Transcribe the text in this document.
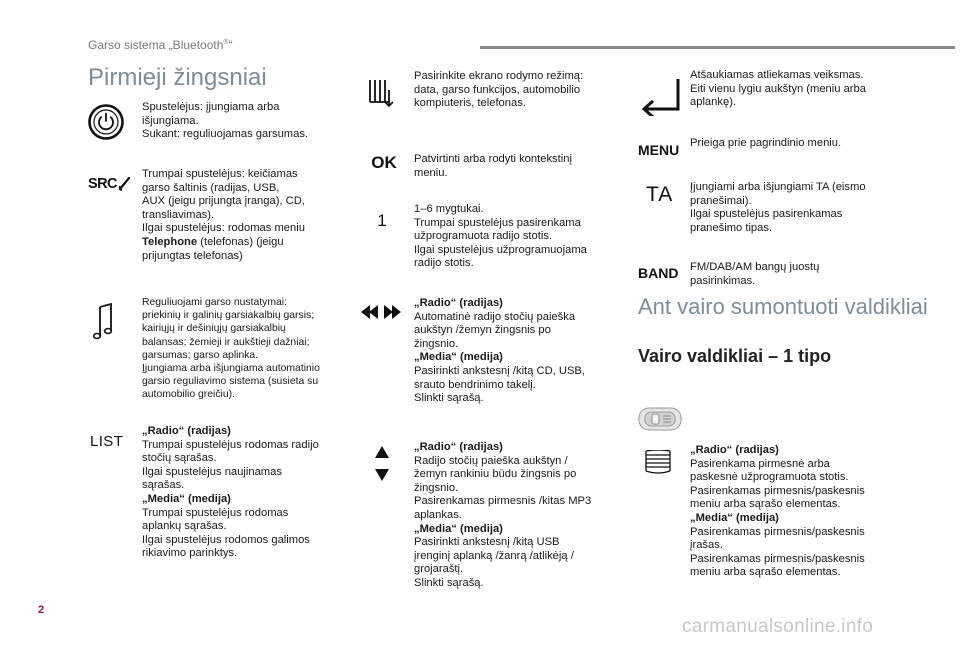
Garso sistema „Bluetooth®“
Pirmieji žingsniai
Spustelėjus: įjungiama arba
išjungiama.
Sukant: reguliuojamas garsumas.
SRC
Trumpai spustelėjus: keičiamas
garso šaltinis (radijas, USB,
AUX (jeigu prijungta įranga), CD,
transliavimas).
Ilgai spustelėjus: rodomas meniu
Telephone (telefonas) (jeigu
prijungtas telefonas)
Reguliuojami garso nustatymai:
priekinių ir galinių garsiakalbių garsis;
kairiųjų ir dešiniųjų garsiakalbių
balansas; žemieji ir aukštieji dažniai;
garsumas; garso aplinka.
Įjungiama arba išjungiama automatinio
garsio reguliavimo sistema (susieta su
automobilio greičiu).
LIST
„Radio“ (radijas)
Trumpai spustelėjus rodomas radijo
stočių sąrašas.
Ilgai spustelėjus naujinamas
sąrašas.
„Media“ (medija)
Trumpai spustelėjus rodomas
aplankų sąrašas.
Ilgai spustelėjus rodomos galimos
rikiavimo parinktys.
Pasirinkite ekrano rodymo režimą:
data, garso funkcijos, automobilio
kompiuteris, telefonas.
OK Patvirtinti arba rodyti kontekstinį
meniu.
1
1–6 mygtukai.
Trumpai spustelėjus pasirenkama
užprogramuota radijo stotis.
Ilgai spustelėjus užprogramuojama
radijo stotis.
„Radio“ (radijas)
Automatinė radijo stočių paieška
aukštyn /žemyn žingsnis po
žingsnio.
„Media“ (medija)
Pasirinkti ankstesnį /kitą CD, USB,
srauto bendrinimo takelį.
Slinkti sąrašą.
„Radio“ (radijas)
Radijo stočių paieška aukštyn /
žemyn rankiniu būdu žingsnis po
žingsnio.
Pasirenkamas pirmesnis /kitas MP3
aplankas.
„Media“ (medija)
Pasirinkti ankstesnį /kitą USB
įrenginį aplanką /žanrą /atlikėją /
grojaraštį.
Slinkti sąrašą.
Atšaukiamas atliekamas veiksmas.
Eiti vienu lygiu aukštyn (meniu arba
aplankę).
MENU Prieiga prie pagrindinio meniu.
TA Įjungiami arba išjungiami TA (eismo
pranešimai).
Ilgai spustelėjus pasirenkamas
pranešimo tipas.
BAND FM/DAB/AM bangų juostų
pasirinkimas.
Ant vairo sumontuoti valdikliai
Vairo valdikliai – 1 tipo
„Radio“ (radijas)
Pasirenkama pirmesnė arba
paskesnė užprogramuota stotis.
Pasirenkamas pirmesnis/paskesnis
meniu arba sąrašo elementas.
„Media“ (medija)
Pasirenkamas pirmesnis/paskesnis
įrašas.
Pasirenkamas pirmesnis/paskesnis
meniu arba sąrašo elementas.
2
carmanualsonline.info
